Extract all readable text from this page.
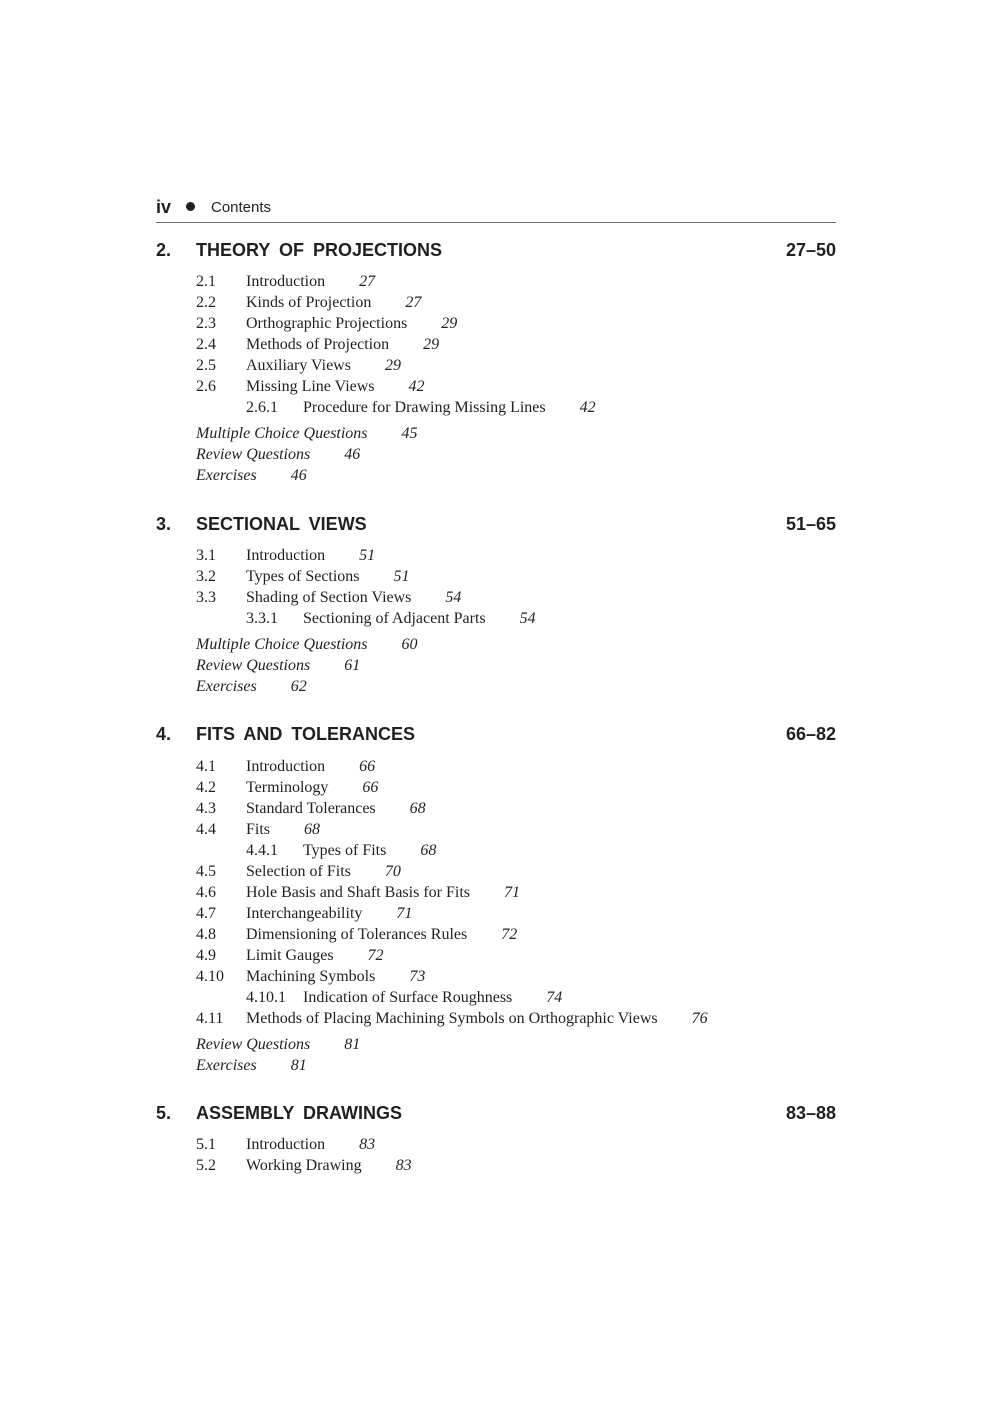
iv	Contents
2. THEORY OF PROJECTIONS	27–50
2.1 Introduction 27
2.2 Kinds of Projection 27
2.3 Orthographic Projections 29
2.4 Methods of Projection 29
2.5 Auxiliary Views 29
2.6 Missing Line Views 42
2.6.1 Procedure for Drawing Missing Lines 42
Multiple Choice Questions 45
Review Questions 46
Exercises 46
3. SECTIONAL VIEWS	51–65
3.1 Introduction 51
3.2 Types of Sections 51
3.3 Shading of Section Views 54
3.3.1 Sectioning of Adjacent Parts 54
Multiple Choice Questions 60
Review Questions 61
Exercises 62
4. FITS AND TOLERANCES	66–82
4.1 Introduction 66
4.2 Terminology 66
4.3 Standard Tolerances 68
4.4 Fits 68
4.4.1 Types of Fits 68
4.5 Selection of Fits 70
4.6 Hole Basis and Shaft Basis for Fits 71
4.7 Interchangeability 71
4.8 Dimensioning of Tolerances Rules 72
4.9 Limit Gauges 72
4.10 Machining Symbols 73
4.10.1 Indication of Surface Roughness 74
4.11 Methods of Placing Machining Symbols on Orthographic Views 76
Review Questions 81
Exercises 81
5. ASSEMBLY DRAWINGS	83–88
5.1 Introduction 83
5.2 Working Drawing 83
